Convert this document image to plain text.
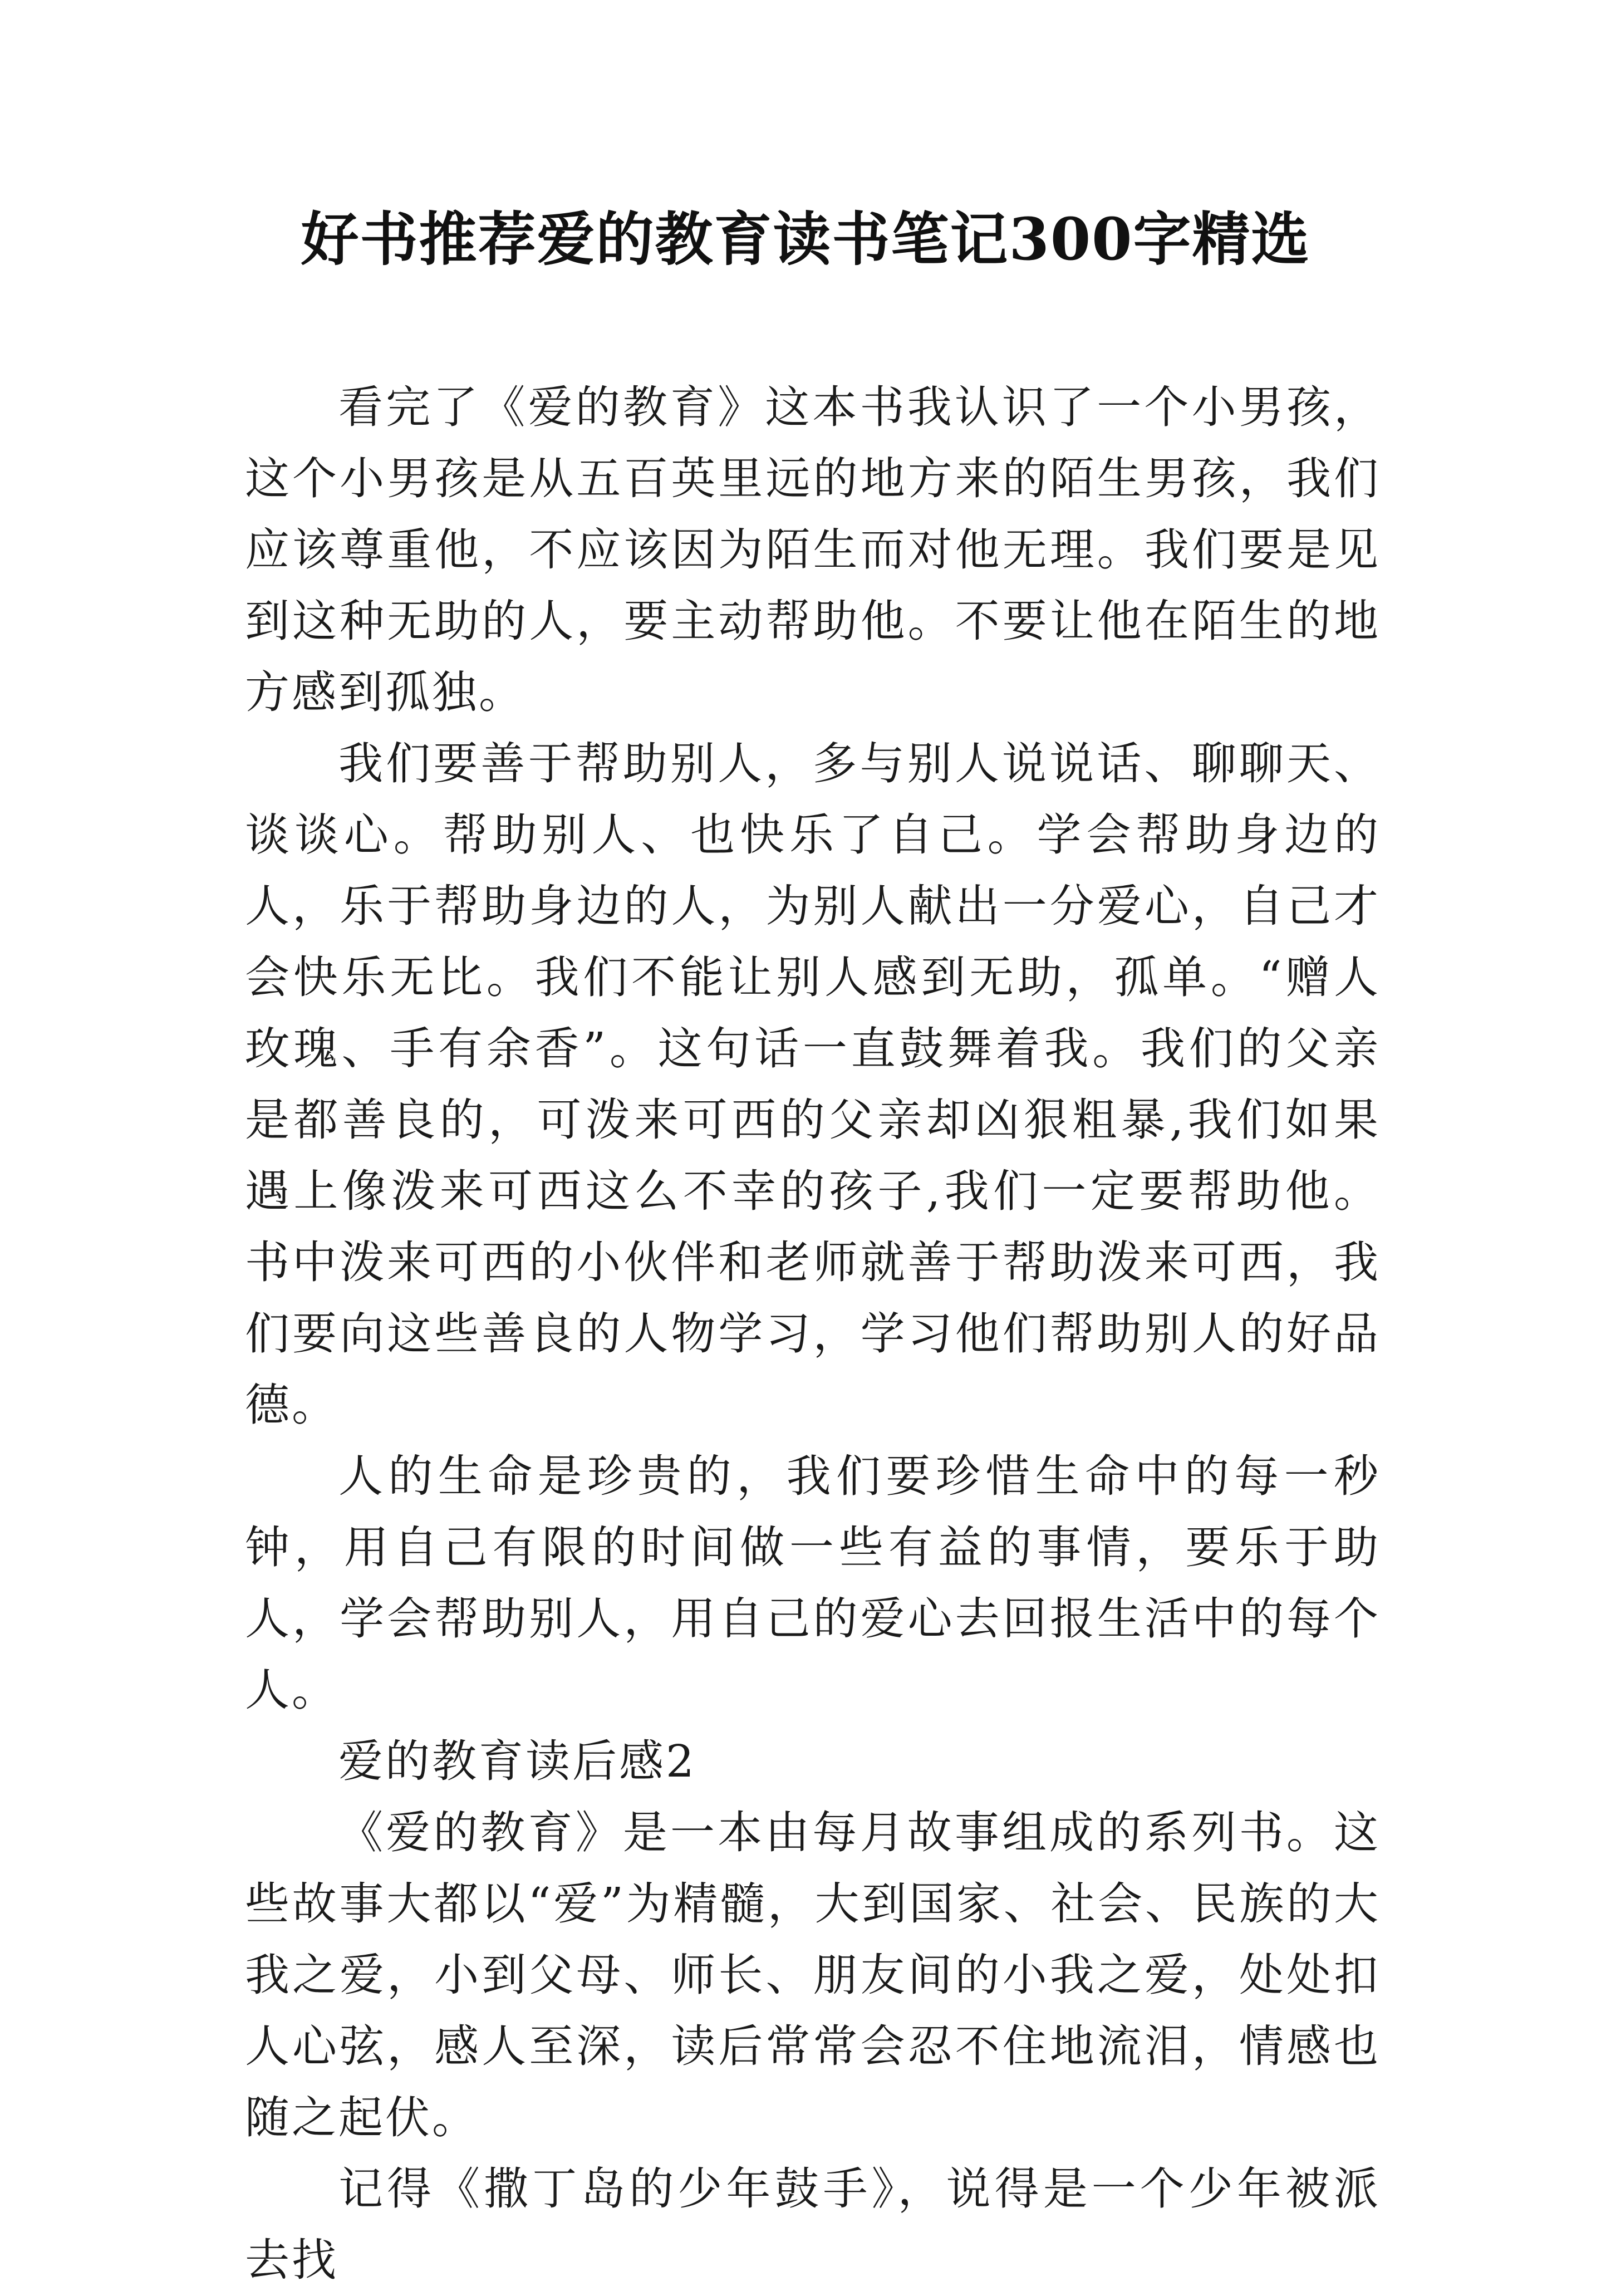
好书推荐爱的教育读书笔记300字精选

看完了《爱的教育》这本书我认识了一个小男孩，这个小男孩是从五百英里远的地方来的陌生男孩，我们应该尊重他，不应该因为陌生而对他无理。我们要是见到这种无助的人，要主动帮助他。不要让他在陌生的地方感到孤独。

我们要善于帮助别人，多与别人说说话、聊聊天、谈谈心。帮助别人、也快乐了自己。学会帮助身边的人，乐于帮助身边的人，为别人献出一分爱心，自己才会快乐无比。我们不能让别人感到无助，孤单。“赠人玫瑰、手有余香”。这句话一直鼓舞着我。我们的父亲是都善良的，可泼来可西的父亲却凶狠粗暴,我们如果遇上像泼来可西这么不幸的孩子,我们一定要帮助他。书中泼来可西的小伙伴和老师就善于帮助泼来可西，我们要向这些善良的人物学习，学习他们帮助别人的好品德。

人的生命是珍贵的，我们要珍惜生命中的每一秒钟，用自己有限的时间做一些有益的事情，要乐于助人，学会帮助别人，用自己的爱心去回报生活中的每个人。

爱的教育读后感2

《爱的教育》是一本由每月故事组成的系列书。这些故事大都以“爱”为精髓，大到国家、社会、民族的大我之爱，小到父母、师长、朋友间的小我之爱，处处扣人心弦，感人至深，读后常常会忍不住地流泪，情感也随之起伏。

记得《撒丁岛的少年鼓手》，说得是一个少年被派去找
